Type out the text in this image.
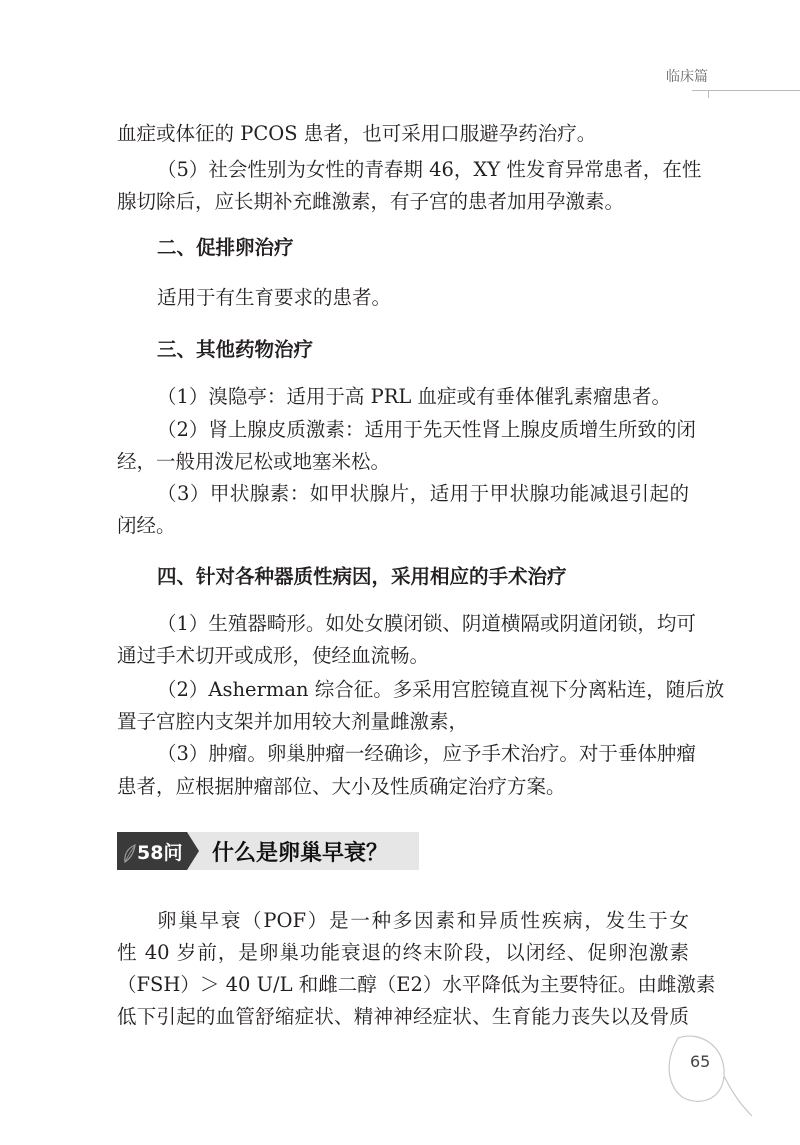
临床篇
血症或体征的 PCOS 患者，也可采用口服避孕药治疗。
（5）社会性别为女性的青春期 46，XY 性发育异常患者，在性
腺切除后，应长期补充雌激素，有子宫的患者加用孕激素。
二、促排卵治疗
适用于有生育要求的患者。
三、其他药物治疗
（1）溴隐亭：适用于高 PRL 血症或有垂体催乳素瘤患者。
（2）肾上腺皮质激素：适用于先天性肾上腺皮质增生所致的闭
经，一般用泼尼松或地塞米松。
（3）甲状腺素：如甲状腺片，适用于甲状腺功能减退引起的
闭经。
四、针对各种器质性病因，采用相应的手术治疗
（1）生殖器畸形。如处女膜闭锁、阴道横隔或阴道闭锁，均可
通过手术切开或成形，使经血流畅。
（2）Asherman 综合征。多采用宫腔镜直视下分离粘连，随后放
置子宫腔内支架并加用较大剂量雌激素，
（3）肿瘤。卵巢肿瘤一经确诊，应予手术治疗。对于垂体肿瘤
患者，应根据肿瘤部位、大小及性质确定治疗方案。
58问 什么是卵巢早衰？
卵巢早衰（POF）是一种多因素和异质性疾病，发生于女
性 40 岁前，是卵巢功能衰退的终末阶段，以闭经、促卵泡激素
（FSH）＞ 40 U/L 和雌二醇（E2）水平降低为主要特征。由雌激素
低下引起的血管舒缩症状、精神神经症状、生育能力丧失以及骨质
65
